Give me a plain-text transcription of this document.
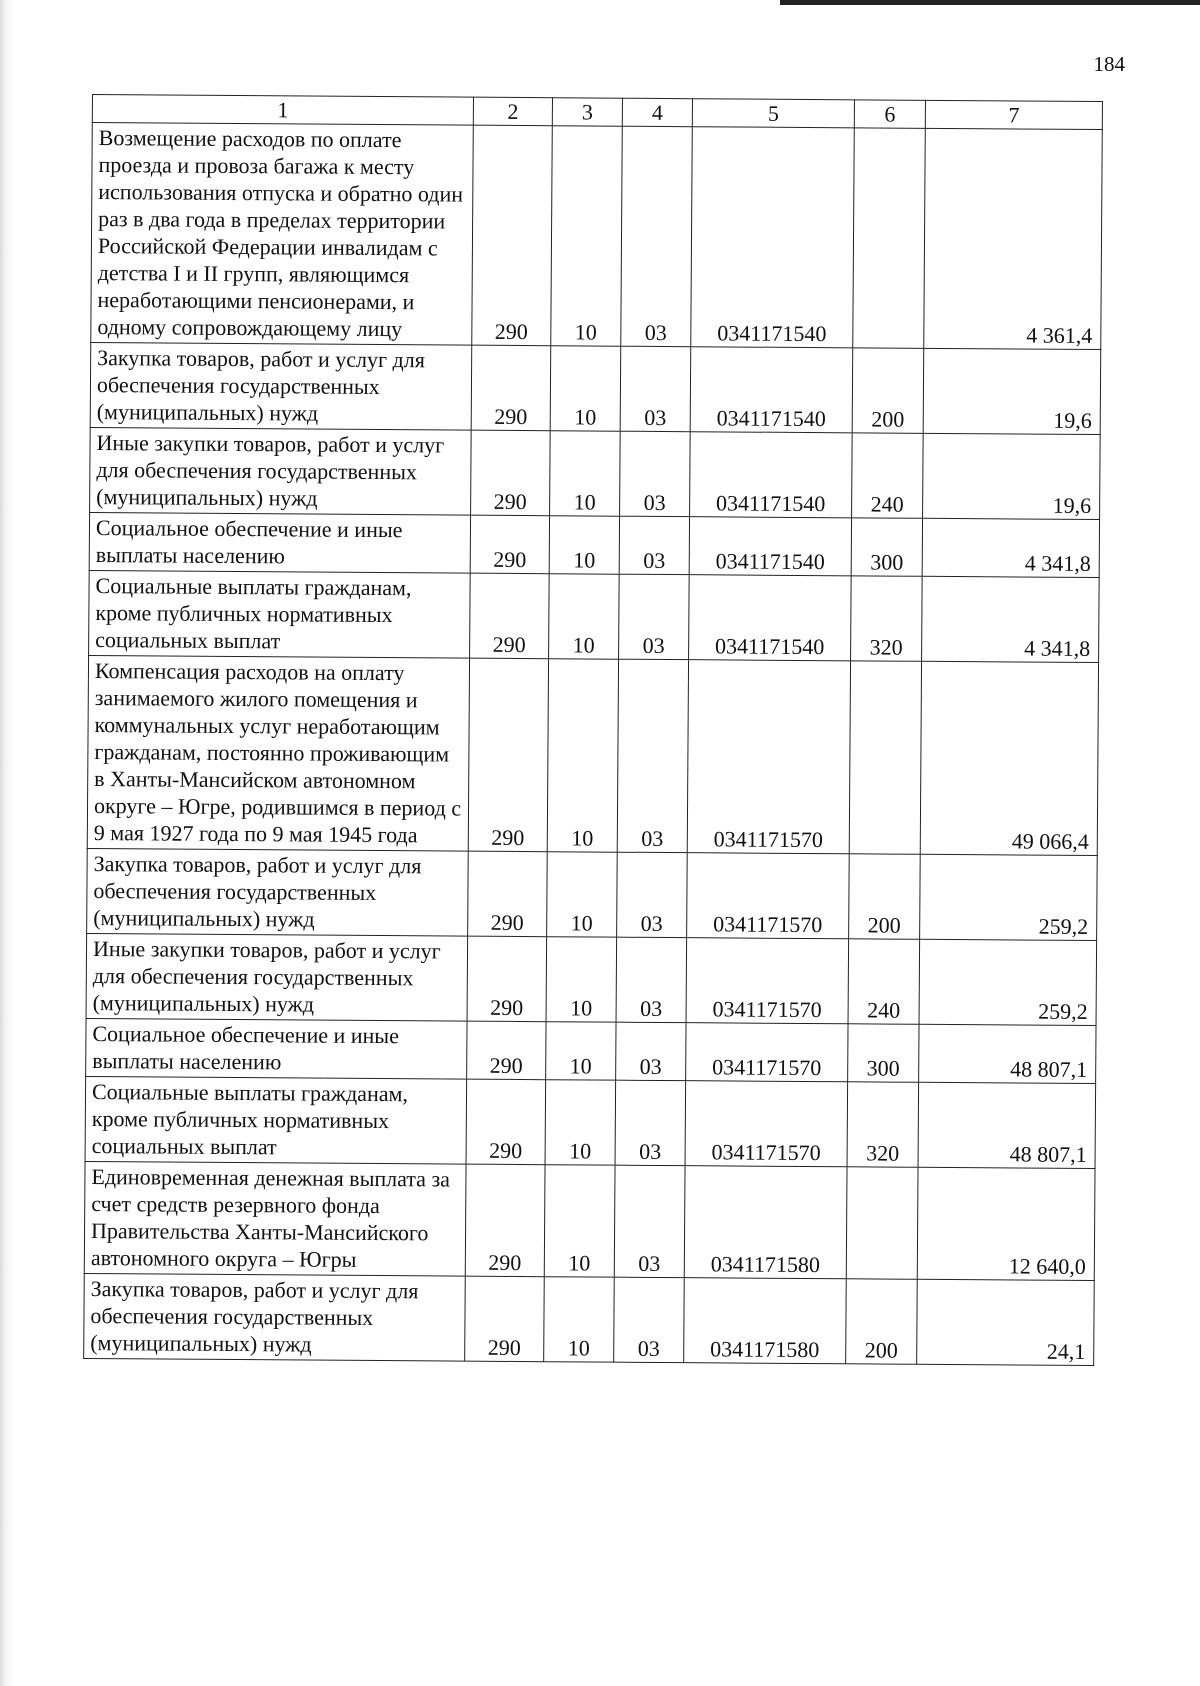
184
1	2	3	4	5	6	7
Возмещение расходов по оплате проезда и провоза багажа к месту использования отпуска и обратно один раз в два года в пределах территории Российской Федерации инвалидам с детства I и II групп, являющимся неработающими пенсионерами, и одному сопровождающему лицу	290	10	03	0341171540		4 361,4
Закупка товаров, работ и услуг для обеспечения государственных (муниципальных) нужд	290	10	03	0341171540	200	19,6
Иные закупки товаров, работ и услуг для обеспечения государственных (муниципальных) нужд	290	10	03	0341171540	240	19,6
Социальное обеспечение и иные выплаты населению	290	10	03	0341171540	300	4 341,8
Социальные выплаты гражданам, кроме публичных нормативных социальных выплат	290	10	03	0341171540	320	4 341,8
Компенсация расходов на оплату занимаемого жилого помещения и коммунальных услуг неработающим гражданам, постоянно проживающим в Ханты-Мансийском автономном округе – Югре, родившимся в период с 9 мая 1927 года по 9 мая 1945 года	290	10	03	0341171570		49 066,4
Закупка товаров, работ и услуг для обеспечения государственных (муниципальных) нужд	290	10	03	0341171570	200	259,2
Иные закупки товаров, работ и услуг для обеспечения государственных (муниципальных) нужд	290	10	03	0341171570	240	259,2
Социальное обеспечение и иные выплаты населению	290	10	03	0341171570	300	48 807,1
Социальные выплаты гражданам, кроме публичных нормативных социальных выплат	290	10	03	0341171570	320	48 807,1
Единовременная денежная выплата за счет средств резервного фонда Правительства Ханты-Мансийского автономного округа – Югры	290	10	03	0341171580		12 640,0
Закупка товаров, работ и услуг для обеспечения государственных (муниципальных) нужд	290	10	03	0341171580	200	24,1
